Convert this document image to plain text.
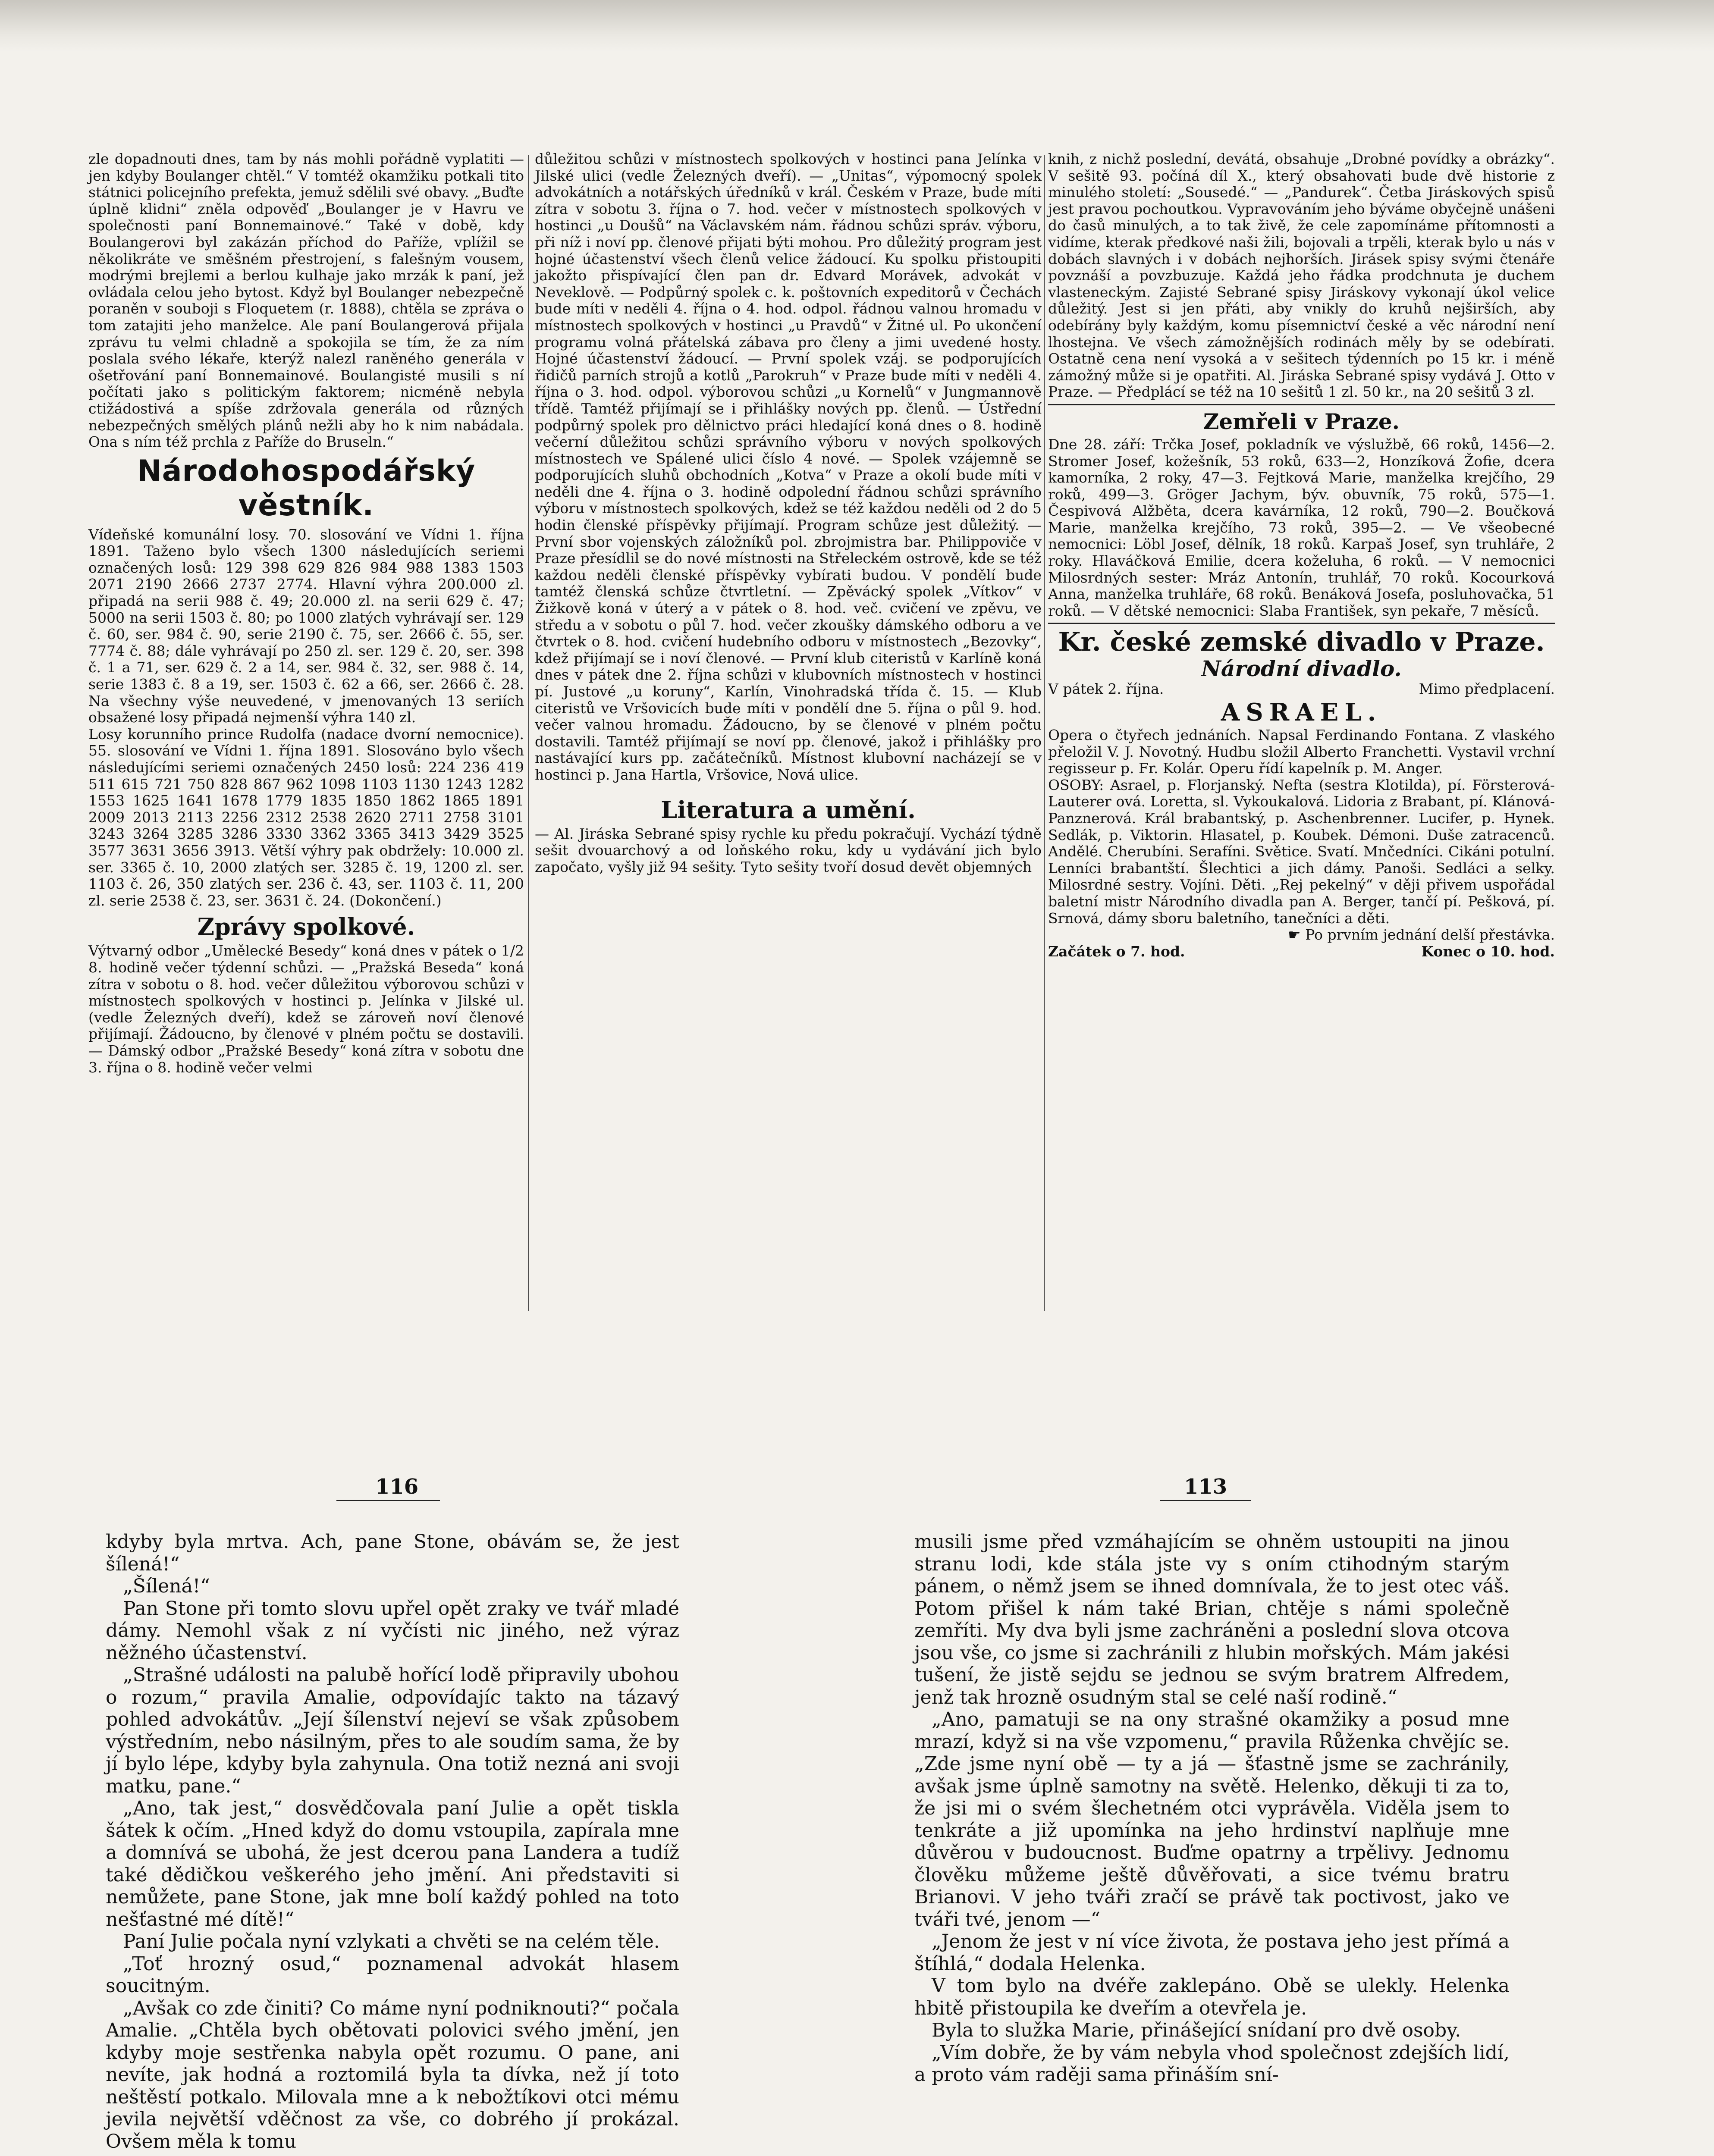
zle dopadnouti dnes, tam by nás mohli pořádně vyplatiti — jen kdyby Boulanger chtěl.“ V tomtéž okamžiku potkali tito státnici policejního prefekta, jemuž sdělili své obavy. „Buďte úplně klidni“ zněla odpověď „Boulanger je v Havru ve společnosti paní Bonnemainové.“ Také v době, kdy Boulangerovi byl zakázán příchod do Paříže, vplížil se několikráte ve směšném přestrojení, s falešným vousem, modrými brejlemi a berlou kulhaje jako mrzák k paní, jež ovládala celou jeho bytost. Když byl Boulanger nebezpečně poraněn v souboji s Floquetem (r. 1888), chtěla se zpráva o tom zatajiti jeho manželce. Ale paní Boulangerová přijala zprávu tu velmi chladně a spokojila se tím, že za ním poslala svého lékaře, kterýž nalezl raněného generála v ošetřování paní Bonnemainové. Boulangisté musili s ní počítati jako s politickým faktorem; nicméně nebyla ctižádostivá a spíše zdržovala generála od různých nebezpečných smělých plánů nežli aby ho k nim nabádala. Ona s ním též prchla z Paříže do Bruseln.“

Národohospodářský věstník.

Vídeňské komunální losy. 70. slosování ve Vídni 1. října 1891. Taženo bylo všech 1300 následujících seriemi označených losů: 129 398 629 826 984 988 1383 1503 2071 2190 2666 2737 2774. Hlavní výhra 200.000 zl. připadá na serii 988 č. 49; 20.000 zl. na serii 629 č. 47; 5000 na serii 1503 č. 80; po 1000 zlatých vyhrávají ser. 129 č. 60, ser. 984 č. 90, serie 2190 č. 75, ser. 2666 č. 55, ser. 7774 č. 88; dále vyhrávají po 250 zl. ser. 129 č. 20, ser. 398 č. 1 a 71, ser. 629 č. 2 a 14, ser. 984 č. 32, ser. 988 č. 14, serie 1383 č. 8 a 19, ser. 1503 č. 62 a 66, ser. 2666 č. 28. Na všechny výše neuvedené, v jmenovaných 13 seriích obsažené losy připadá nejmenší výhra 140 zl.

Losy korunního prince Rudolfa (nadace dvorní nemocnice). 55. slosování ve Vídni 1. října 1891. Slosováno bylo všech následujícími seriemi označených 2450 losů: 224 236 419 511 615 721 750 828 867 962 1098 1103 1130 1243 1282 1553 1625 1641 1678 1779 1835 1850 1862 1865 1891 2009 2013 2113 2256 2312 2538 2620 2711 2758 3101 3243 3264 3285 3286 3330 3362 3365 3413 3429 3525 3577 3631 3656 3913. Větší výhry pak obdržely: 10.000 zl. ser. 3365 č. 10, 2000 zlatých ser. 3285 č. 19, 1200 zl. ser. 1103 č. 26, 350 zlatých ser. 236 č. 43, ser. 1103 č. 11, 200 zl. serie 2538 č. 23, ser. 3631 č. 24. (Dokončení.)

Zprávy spolkové.

Výtvarný odbor „Umělecké Besedy“ koná dnes v pátek o 1/2 8. hodině večer týdenní schůzi. — „Pražská Beseda“ koná zítra v sobotu o 8. hod. večer důležitou výborovou schůzi v místnostech spolkových v hostinci p. Jelínka v Jilské ul. (vedle Železných dveří), kdež se zároveň noví členové přijímají. Žádoucno, by členové v plném počtu se dostavili. — Dámský odbor „Pražské Besedy“ koná zítra v sobotu dne 3. října o 8. hodině večer velmi

důležitou schůzi v místnostech spolkových v hostinci pana Jelínka v Jilské ulici (vedle Železných dveří). — „Unitas“, výpomocný spolek advokátních a notářských úředníků v král. Českém v Praze, bude míti zítra v sobotu 3. října o 7. hod. večer v místnostech spolkových v hostinci „u Doušů“ na Václavském nám. řádnou schůzi správ. výboru, při níž i noví pp. členové přijati býti mohou. Pro důležitý program jest hojné účastenství všech členů velice žádoucí. Ku spolku přistoupiti jakožto přispívající člen pan dr. Edvard Morávek, advokát v Neveklově. — Podpůrný spolek c. k. poštovních expeditorů v Čechách bude míti v neděli 4. října o 4. hod. odpol. řádnou valnou hromadu v místnostech spolkových v hostinci „u Pravdů“ v Žitné ul. Po ukončení programu volná přátelská zábava pro členy a jimi uvedené hosty. Hojné účastenství žádoucí. — První spolek vzáj. se podporujících řidičů parních strojů a kotlů „Parokruh“ v Praze bude míti v neděli 4. října o 3. hod. odpol. výborovou schůzi „u Kornelů“ v Jungmannově třídě. Tamtéž přijímají se i přihlášky nových pp. členů. — Ústřední podpůrný spolek pro dělnictvo práci hledající koná dnes o 8. hodině večerní důležitou schůzi správního výboru v nových spolkových místnostech ve Spálené ulici číslo 4 nové. — Spolek vzájemně se podporujících sluhů obchodních „Kotva“ v Praze a okolí bude míti v neděli dne 4. října o 3. hodině odpolední řádnou schůzi správního výboru v místnostech spolkových, kdež se též každou neděli od 2 do 5 hodin členské příspěvky přijímají. Program schůze jest důležitý. — První sbor vojenských záložníků pol. zbrojmistra bar. Philippoviče v Praze přesídlil se do nové místnosti na Střeleckém ostrově, kde se též každou neděli členské příspěvky vybírati budou. V pondělí bude tamtéž členská schůze čtvrtletní. — Zpěvácký spolek „Vítkov“ v Žižkově koná v úterý a v pátek o 8. hod. več. cvičení ve zpěvu, ve středu a v sobotu o půl 7. hod. večer zkoušky dámského odboru a ve čtvrtek o 8. hod. cvičení hudebního odboru v místnostech „Bezovky“, kdež přijímají se i noví členové. — První klub citeristů v Karlíně koná dnes v pátek dne 2. října schůzi v klubovních místnostech v hostinci pí. Justové „u koruny“, Karlín, Vinohradská třída č. 15. — Klub citeristů ve Vršovicích bude míti v pondělí dne 5. října o půl 9. hod. večer valnou hromadu. Žádoucno, by se členové v plném počtu dostavili. Tamtéž přijímají se noví pp. členové, jakož i přihlášky pro nastávající kurs pp. začátečníků. Místnost klubovní nacházejí se v hostinci p. Jana Hartla, Vršovice, Nová ulice.

Literatura a umění.

— Al. Jiráska Sebrané spisy rychle ku předu pokračují. Vychází týdně sešit dvouarchový a od loňského roku, kdy u vydávání jich bylo započato, vyšly již 94 sešity. Tyto sešity tvoří dosud devět objemných

knih, z nichž poslední, devátá, obsahuje „Drobné povídky a obrázky“. V sešitě 93. počíná díl X., který obsahovati bude dvě historie z minulého století: „Sousedé.“ — „Pandurek“. Četba Jiráskových spisů jest pravou pochoutkou. Vypravováním jeho býváme obyčejně unášeni do časů minulých, a to tak živě, že cele zapomínáme přítomnosti a vidíme, kterak předkové naši žili, bojovali a trpěli, kterak bylo u nás v dobách slavných i v dobách nejhorších. Jirásek spisy svými čtenáře povznáší a povzbuzuje. Každá jeho řádka prodchnuta je duchem vlasteneckým. Zajisté Sebrané spisy Jiráskovy vykonají úkol velice důležitý. Jest si jen přáti, aby vnikly do kruhů nejširších, aby odebírány byly každým, komu písemnictví české a věc národní není lhostejna. Ve všech zámožnějších rodinách měly by se odebírati. Ostatně cena není vysoká a v sešitech týdenních po 15 kr. i méně zámožný může si je opatřiti. Al. Jiráska Sebrané spisy vydává J. Otto v Praze. — Předplácí se též na 10 sešitů 1 zl. 50 kr., na 20 sešitů 3 zl.

Zemřeli v Praze.

Dne 28. září: Trčka Josef, pokladník ve výslužbě, 66 roků, 1456—2. Stromer Josef, kožešník, 53 roků, 633—2, Honzíková Žofie, dcera kamorníka, 2 roky, 47—3. Fejtková Marie, manželka krejčího, 29 roků, 499—3. Gröger Jachym, býv. obuvník, 75 roků, 575—1. Čespivová Alžběta, dcera kavárníka, 12 roků, 790—2. Boučková Marie, manželka krejčího, 73 roků, 395—2. — Ve všeobecné nemocnici: Löbl Josef, dělník, 18 roků. Karpaš Josef, syn truhláře, 2 roky. Hlaváčková Emilie, dcera koželuha, 6 roků. — V nemocnici Milosrdných sester: Mráz Antonín, truhlář, 70 roků. Kocourková Anna, manželka truhláře, 68 roků. Benáková Josefa, posluhovačka, 51 roků. — V dětské nemocnici: Slaba František, syn pekaře, 7 měsíců.

Kr. české zemské divadlo v Praze.
Národní divadlo.
V pátek 2. října.	Mimo předplacení.
ASRAEL.

Opera o čtyřech jednáních. Napsal Ferdinando Fontana. Z vlaského přeložil V. J. Novotný. Hudbu složil Alberto Franchetti. Vystavil vrchní regisseur p. Fr. Kolár. Operu řídí kapelník p. M. Anger.

OSOBY: Asrael, p. Florjanský. Nefta (sestra Klotilda), pí. Försterová-Lauterer ová. Loretta, sl. Vykoukalová. Lidoria z Brabant, pí. Klánová-Panznerová. Král brabantský, p. Aschenbrenner. Lucifer, p. Hynek. Sedlák, p. Viktorin. Hlasatel, p. Koubek. Démoni. Duše zatracenců. Andělé. Cherubíni. Serafíni. Světice. Svatí. Mnčedníci. Cikáni potulní. Lenníci brabantští. Šlechtici a jich dámy. Panoši. Sedláci a selky. Milosrdné sestry. Vojíni. Děti. „Rej pekelný“ v ději přivem uspořádal baletní mistr Národního divadla pan A. Berger, tančí pí. Pešková, pí. Srnová, dámy sboru baletního, tanečníci a děti.

☛ Po prvním jednání delší přestávka.

Začátek o 7. hod.	Konec o 10. hod.
116	113

kdyby byla mrtva. Ach, pane Stone, obávám se, že jest šílená!“

„Šílená!“

Pan Stone při tomto slovu upřel opět zraky ve tvář mladé dámy. Nemohl však z ní vyčísti nic jiného, než výraz něžného účastenství.

„Strašné události na palubě hořící lodě připravily ubohou o rozum,“ pravila Amalie, odpovídajíc takto na tázavý pohled advokátův. „Její šílenství nejeví se však způsobem výstředním, nebo násilným, přes to ale soudím sama, že by jí bylo lépe, kdyby byla zahynula. Ona totiž nezná ani svoji matku, pane.“

„Ano, tak jest,“ dosvědčovala paní Julie a opět tiskla šátek k očím. „Hned když do domu vstoupila, zapírala mne a domnívá se ubohá, že jest dcerou pana Landera a tudíž také dědičkou veškerého jeho jmění. Ani představiti si nemůžete, pane Stone, jak mne bolí každý pohled na toto nešťastné mé dítě!“

Paní Julie počala nyní vzlykati a chvěti se na celém těle.

„Toť hrozný osud,“ poznamenal advokát hlasem soucitným.

„Avšak co zde činiti? Co máme nyní podniknouti?“ počala Amalie. „Chtěla bych obětovati polovici svého jmění, jen kdyby moje sestřenka nabyla opět rozumu. O pane, ani nevíte, jak hodná a roztomilá byla ta dívka, než jí toto neštěstí potkalo. Milovala mne a k nebožtíkovi otci mému jevila největší vděčnost za vše, co dobrého jí prokázal. Ovšem měla k tomu

musili jsme před vzmáhajícím se ohněm ustoupiti na jinou stranu lodi, kde stála jste vy s oním ctihodným starým pánem, o němž jsem se ihned domnívala, že to jest otec váš. Potom přišel k nám také Brian, chtěje s námi společně zemříti. My dva byli jsme zachráněni a poslední slova otcova jsou vše, co jsme si zachránili z hlubin mořských. Mám jakési tušení, že jistě sejdu se jednou se svým bratrem Alfredem, jenž tak hrozně osudným stal se celé naší rodině.“

„Ano, pamatuji se na ony strašné okamžiky a posud mne mrazí, když si na vše vzpomenu,“ pravila Růženka chvějíc se. „Zde jsme nyní obě — ty a já — šťastně jsme se zachránily, avšak jsme úplně samotny na světě. Helenko, děkuji ti za to, že jsi mi o svém šlechetném otci vyprávěla. Viděla jsem to tenkráte a již upomínka na jeho hrdinství naplňuje mne důvěrou v budoucnost. Buďme opatrny a trpělivy. Jednomu člověku můžeme ještě důvěřovati, a sice tvému bratru Brianovi. V jeho tváři zračí se právě tak poctivost, jako ve tváři tvé, jenom —“

„Jenom že jest v ní více života, že postava jeho jest přímá a štíhlá,“ dodala Helenka.

V tom bylo na dvéře zaklepáno. Obě se ulekly. Helenka hbitě přistoupila ke dveřím a otevřela je.

Byla to služka Marie, přinášející snídaní pro dvě osoby.

„Vím dobře, že by vám nebyla vhod společnost zdejších lidí, a proto vám raději sama přináším sní-
